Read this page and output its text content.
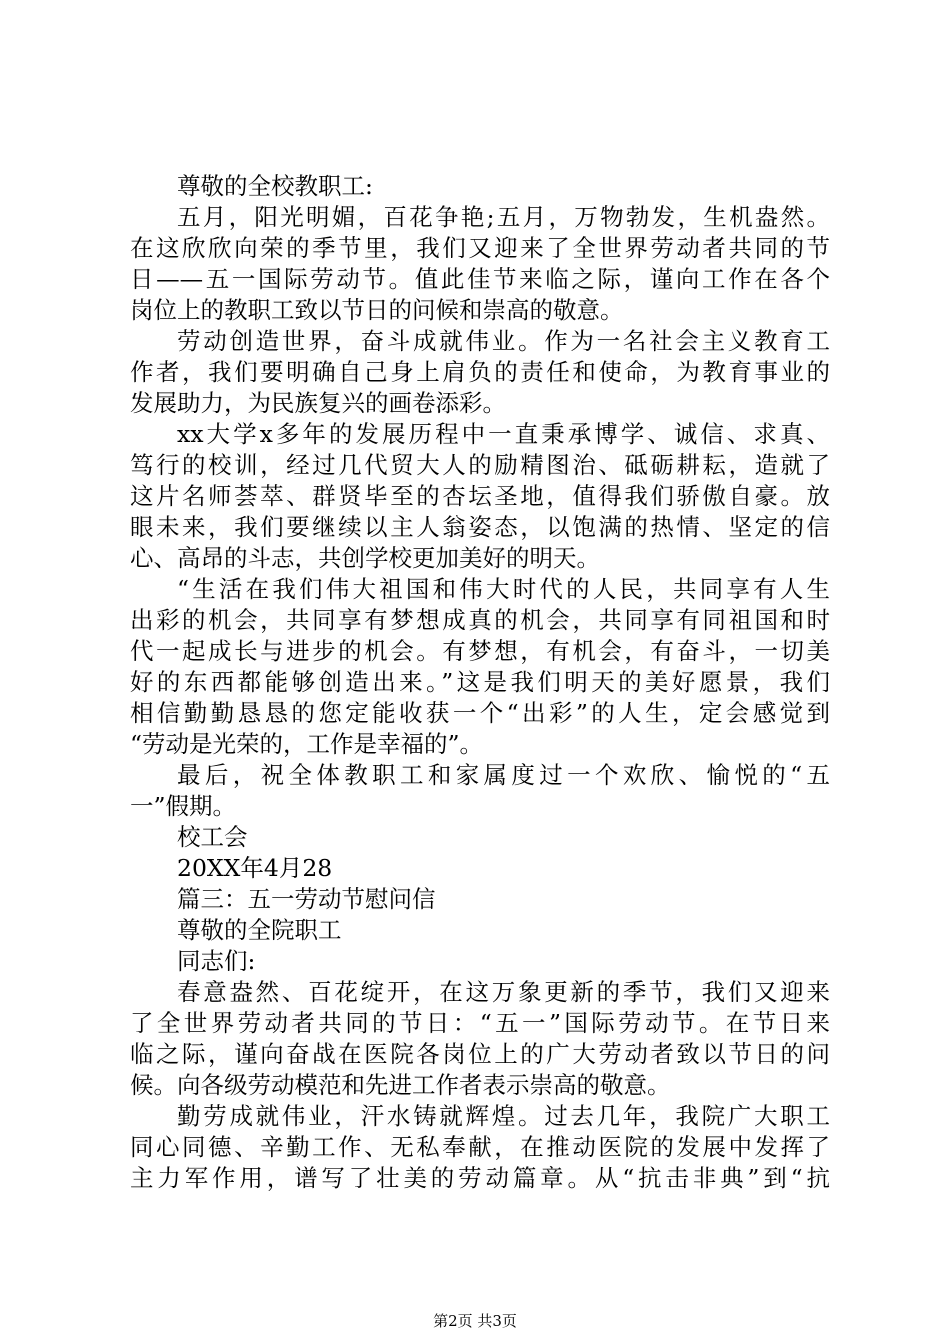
尊敬的全校教职工:
五月，阳光明媚，百花争艳;五月，万物勃发，生机盎然。
在这欣欣向荣的季节里，我们又迎来了全世界劳动者共同的节
日——五一国际劳动节。值此佳节来临之际，谨向工作在各个
岗位上的教职工致以节日的问候和崇高的敬意。
劳动创造世界，奋斗成就伟业。作为一名社会主义教育工
作者，我们要明确自己身上肩负的责任和使命，为教育事业的
发展助力，为民族复兴的画卷添彩。
xx大学x多年的发展历程中一直秉承博学、诚信、求真、
笃行的校训，经过几代贸大人的励精图治、砥砺耕耘，造就了
这片名师荟萃、群贤毕至的杏坛圣地，值得我们骄傲自豪。放
眼未来，我们要继续以主人翁姿态，以饱满的热情、坚定的信
心、高昂的斗志，共创学校更加美好的明天。
“生活在我们伟大祖国和伟大时代的人民，共同享有人生
出彩的机会，共同享有梦想成真的机会，共同享有同祖国和时
代一起成长与进步的机会。有梦想，有机会，有奋斗，一切美
好的东西都能够创造出来。”这是我们明天的美好愿景，我们
相信勤勤恳恳的您定能收获一个“出彩”的人生，定会感觉到
“劳动是光荣的，工作是幸福的”。
最后，祝全体教职工和家属度过一个欢欣、愉悦的“五
一”假期。
校工会
20XX年4月28
篇三：五一劳动节慰问信
尊敬的全院职工
同志们:
春意盎然、百花绽开，在这万象更新的季节，我们又迎来
了全世界劳动者共同的节日：“五一”国际劳动节。在节日来
临之际，谨向奋战在医院各岗位上的广大劳动者致以节日的问
候。向各级劳动模范和先进工作者表示崇高的敬意。
勤劳成就伟业，汗水铸就辉煌。过去几年，我院广大职工
同心同德、辛勤工作、无私奉献，在推动医院的发展中发挥了
主力军作用，谱写了壮美的劳动篇章。从“抗击非典”到“抗
第2页 共3页
